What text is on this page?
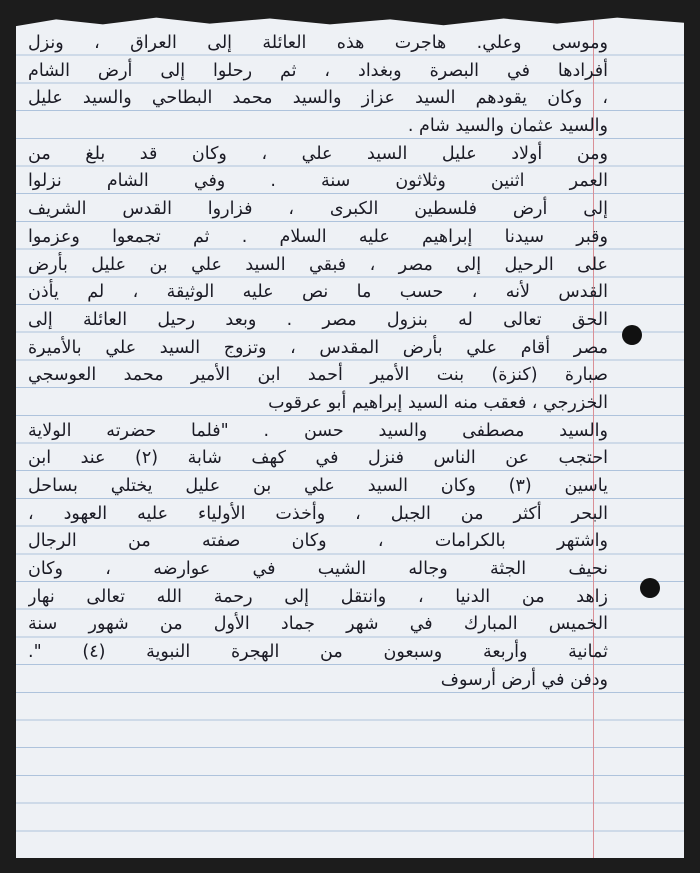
وموسى وعلي. هاجرت هذه العائلة إلى العراق ، ونزل
أفرادها في البصرة وبغداد ، ثم رحلوا إلى أرض الشام
، وكان يقودهم السيد عزاز والسيد محمد البطاحي والسيد عليل
والسيد عثمان والسيد شام .
ومن أولاد عليل السيد علي ، وكان قد بلغ من
العمر اثنين وثلاثون سنة . وفي الشام نزلوا
إلى أرض فلسطين الكبرى ، فزاروا القدس الشريف
وقبر سيدنا إبراهيم عليه السلام . ثم تجمعوا وعزموا
على الرحيل إلى مصر ، فبقي السيد علي بن عليل بأرض
القدس لأنه ، حسب ما نص عليه الوثيقة ، لم يأذن
الحق تعالى له بنزول مصر . وبعد رحيل العائلة إلى
مصر أقام علي بأرض المقدس ، وتزوج السيد علي بالأميرة
صبارة (كنزة) بنت الأمير أحمد ابن الأمير محمد العوسجي
الخزرجي ، فعقب منه السيد إبراهيم أبو عرقوب
والسيد مصطفى والسيد حسن . "فلما حضرته الولاية
احتجب عن الناس فنزل في كهف شابة (٢) عند ابن
ياسين (٣) وكان السيد علي بن عليل يختلي بساحل
البحر أكثر من الجبل ، وأخذت الأولياء عليه العهود ،
واشتهر بالكرامات ، وكان صفته من الرجال
نحيف الجثة وجاله الشيب في عوارضه ، وكان
زاهد من الدنيا ، وانتقل إلى رحمة الله تعالى نهار
الخميس المبارك في شهر جماد الأول من شهور سنة
ثمانية وأربعة وسبعون من الهجرة النبوية (٤) ".
ودفن في أرض أرسوف
